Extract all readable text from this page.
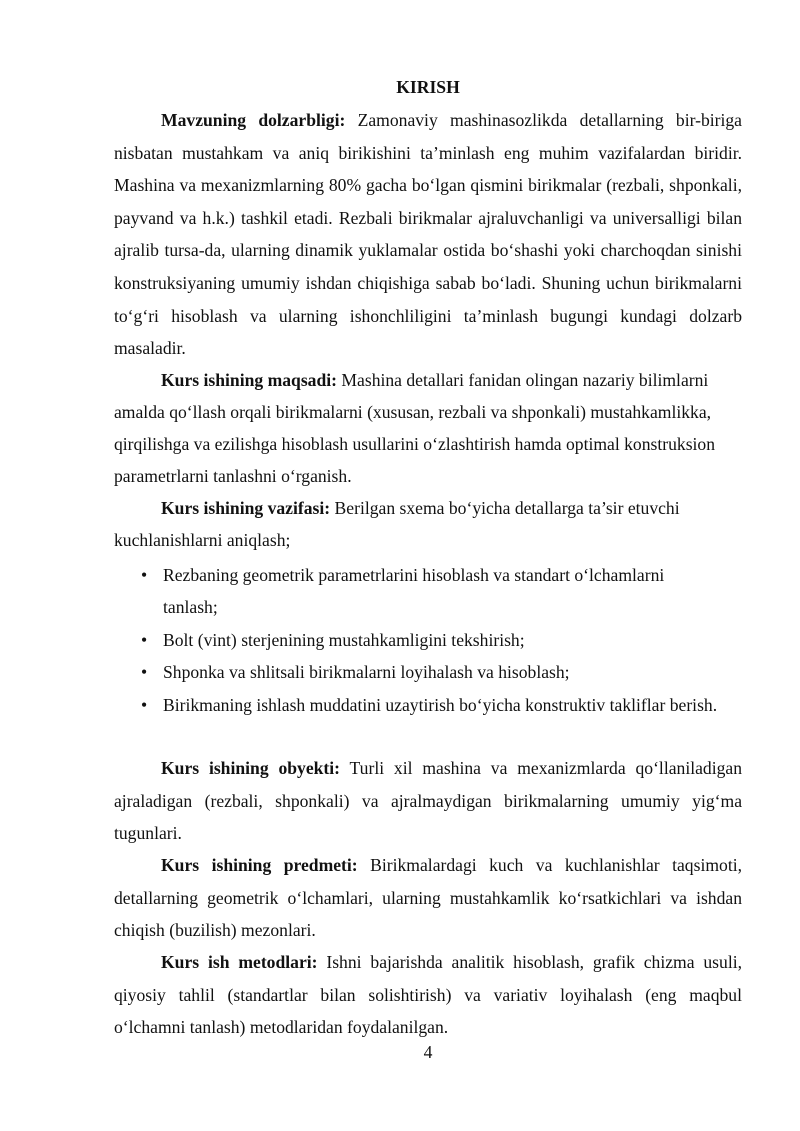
KIRISH

Mavzuning dolzarbligi: Zamonaviy mashinasozlikda detallarning bir-biriga nisbatan mustahkam va aniq birikishini ta’minlash eng muhim vazifalardan biridir. Mashina va mexanizmlarning 80% gacha bo‘lgan qismini birikmalar (rezbali, shponkali, payvand va h.k.) tashkil etadi. Rezbali birikmalar ajraluvchanligi va universalligi bilan ajralib tursa-da, ularning dinamik yuklamalar ostida bo‘shashi yoki charchoqdan sinishi konstruksiyaning umumiy ishdan chiqishiga sabab bo‘ladi. Shuning uchun birikmalarni to‘g‘ri hisoblash va ularning ishonchliligini ta’minlash bugungi kundagi dolzarb masaladir.

Kurs ishining maqsadi: Mashina detallari fanidan olingan nazariy bilimlarni amalda qo‘llash orqali birikmalarni (xususan, rezbali va shponkali) mustahkamlikka, qirqilishga va ezilishga hisoblash usullarini o‘zlashtirish hamda optimal konstruksion parametrlarni tanlashni o‘rganish.

Kurs ishining vazifasi: Berilgan sxema bo‘yicha detallarga ta’sir etuvchi kuchlanishlarni aniqlash;

• Rezbaning geometrik parametrlarini hisoblash va standart o‘lchamlarni tanlash;
• Bolt (vint) sterjenining mustahkamligini tekshirish;
• Shponka va shlitsali birikmalarni loyihalash va hisoblash;
• Birikmaning ishlash muddatini uzaytirish bo‘yicha konstruktiv takliflar berish.

Kurs ishining obyekti: Turli xil mashina va mexanizmlarda qo‘llaniladigan ajraladigan (rezbali, shponkali) va ajralmaydigan birikmalarning umumiy yig‘ma tugunlari.

Kurs ishining predmeti: Birikmalardagi kuch va kuchlanishlar taqsimoti, detallarning geometrik o‘lchamlari, ularning mustahkamlik ko‘rsatkichlari va ishdan chiqish (buzilish) mezonlari.

Kurs ish metodlari: Ishni bajarishda analitik hisoblash, grafik chizma usuli, qiyosiy tahlil (standartlar bilan solishtirish) va variativ loyihalash (eng maqbul o‘lchamni tanlash) metodlaridan foydalanilgan.

4
